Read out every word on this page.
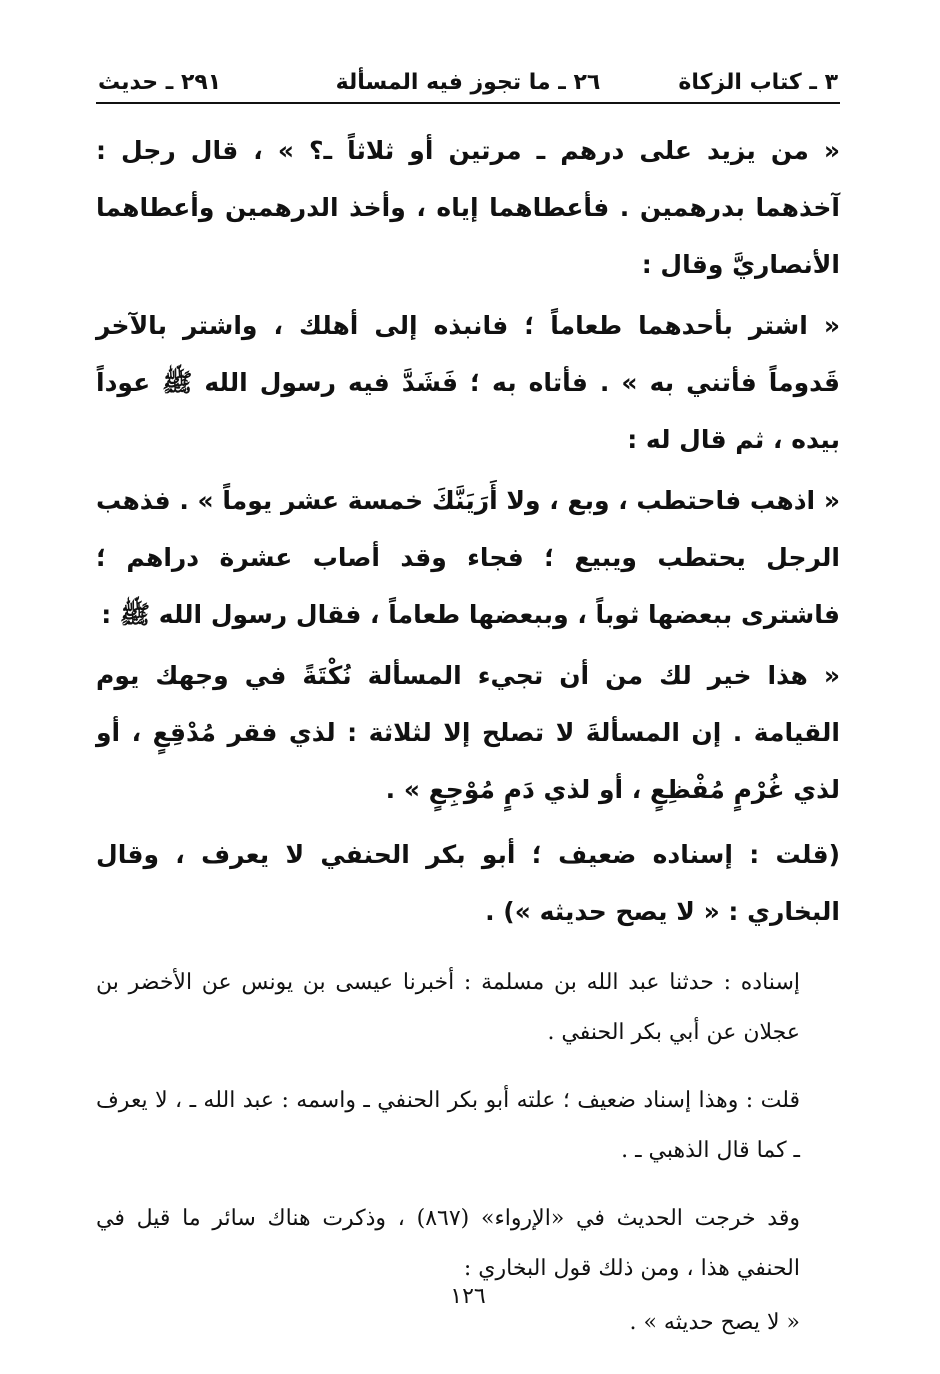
٣ ـ كتاب الزكاة
٢٦ ـ ما تجوز فيه المسألة
٢٩١ ـ حديث

« من يزيد على درهم ـ مرتين أو ثلاثاً ـ؟ » ، قال رجل : آخذهما بدرهمين . فأعطاهما إياه ، وأخذ الدرهمين وأعطاهما الأنصاريَّ وقال :

« اشتر بأحدهما طعاماً ؛ فانبذه إلى أهلك ، واشتر بالآخر قَدوماً فأتني به » . فأتاه به ؛ فَشَدَّ فيه رسول الله ﷺ عوداً بيده ، ثم قال له :

« اذهب فاحتطب ، وبع ، ولا أَرَيَنَّكَ خمسة عشر يوماً » . فذهب الرجل يحتطب ويبيع ؛ فجاء وقد أصاب عشرة دراهم ؛ فاشترى ببعضها ثوباً ، وببعضها طعاماً ، فقال رسول الله ﷺ :

« هذا خير لك من أن تجيء المسألة نُكْتَةً في وجهك يوم القيامة . إن المسألةَ لا تصلح إلا لثلاثة : لذي فقر مُدْقِعٍ ، أو لذي غُرْمٍ مُفْظِعٍ ، أو لذي دَمٍ مُوْجِعٍ » .

(قلت : إسناده ضعيف ؛ أبو بكر الحنفي لا يعرف ، وقال البخاري : « لا يصح حديثه ») .

إسناده : حدثنا عبد الله بن مسلمة : أخبرنا عيسى بن يونس عن الأخضر بن عجلان عن أبي بكر الحنفي .

قلت : وهذا إسناد ضعيف ؛ علته أبو بكر الحنفي ـ واسمه : عبد الله ـ ، لا يعرف ـ كما قال الذهبي ـ .

وقد خرجت الحديث في «الإرواء» (٨٦٧) ، وذكرت هناك سائر ما قيل في الحنفي هذا ، ومن ذلك قول البخاري :

« لا يصح حديثه » .

١٢٦
